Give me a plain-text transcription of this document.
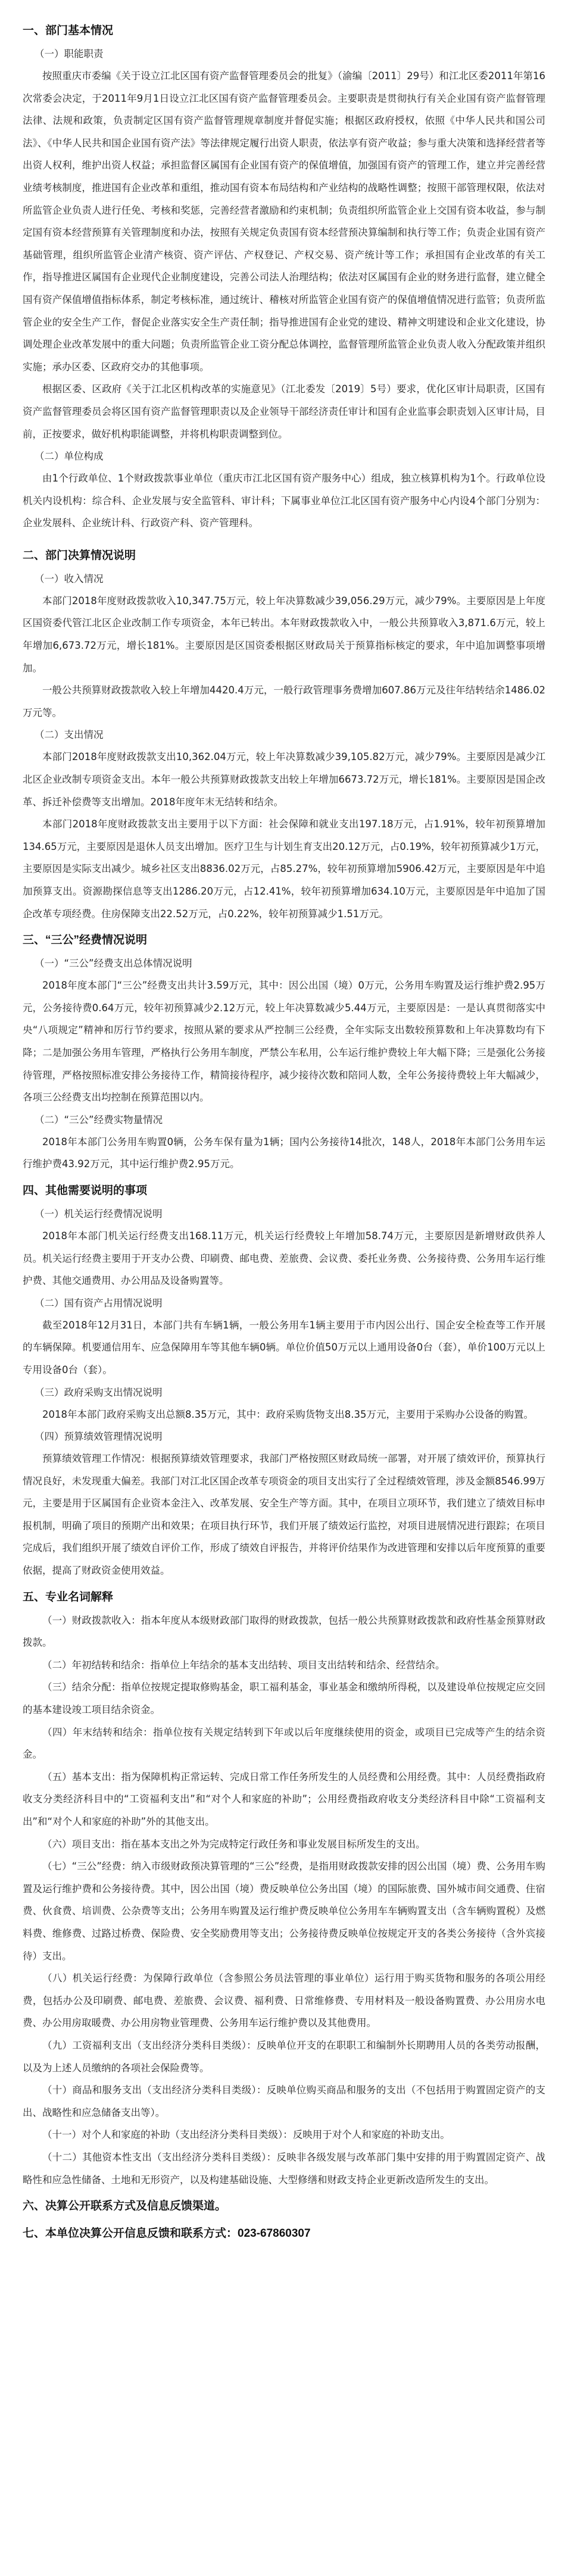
一、部门基本情况

（一）职能职责

按照重庆市委编《关于设立江北区国有资产监督管理委员会的批复》（渝编〔2011〕29号）和江北区委2011年第16次常委会决定，于2011年9月1日设立江北区国有资产监督管理委员会。主要职责是贯彻执行有关企业国有资产监督管理法律、法规和政策，负责制定区国有资产监督管理规章制度并督促实施；根据区政府授权，依照《中华人民共和国公司法》、《中华人民共和国企业国有资产法》等法律规定履行出资人职责，依法享有资产收益；参与重大决策和选择经营者等出资人权利，维护出资人权益；承担监督区属国有企业国有资产的保值增值，加强国有资产的管理工作，建立并完善经营业绩考核制度，推进国有企业改革和重组，推动国有资本布局结构和产业结构的战略性调整；按照干部管理权限，依法对所监管企业负责人进行任免、考核和奖惩，完善经营者激励和约束机制；负责组织所监管企业上交国有资本收益，参与制定国有资本经营预算有关管理制度和办法，按照有关规定负责国有资本经营预决算编制和执行等工作；负责企业国有资产基础管理，组织所监管企业清产核资、资产评估、产权登记、产权交易、资产统计等工作；承担国有企业改革的有关工作，指导推进区属国有企业现代企业制度建设，完善公司法人治理结构；依法对区属国有企业的财务进行监督，建立健全国有资产保值增值指标体系，制定考核标准，通过统计、稽核对所监管企业国有资产的保值增值情况进行监管；负责所监管企业的安全生产工作，督促企业落实安全生产责任制；指导推进国有企业党的建设、精神文明建设和企业文化建设，协调处理企业改革发展中的重大问题；负责所监管企业工资分配总体调控，监督管理所监管企业负责人收入分配政策并组织实施；承办区委、区政府交办的其他事项。

根据区委、区政府《关于江北区机构改革的实施意见》（江北委发〔2019〕5号）要求，优化区审计局职责，区国有资产监督管理委员会将区国有资产监督管理职责以及企业领导干部经济责任审计和国有企业监事会职责划入区审计局，目前，正按要求，做好机构职能调整，并将机构职责调整到位。

（二）单位构成

由1个行政单位、1个财政拨款事业单位（重庆市江北区国有资产服务中心）组成，独立核算机构为1个。行政单位设机关内设机构：综合科、企业发展与安全监管科、审计科；下属事业单位江北区国有资产服务中心内设4个部门分别为：企业发展科、企业统计科、行政资产科、资产管理科。

二、部门决算情况说明

（一）收入情况

本部门2018年度财政拨款收入10,347.75万元，较上年决算数减少39,056.29万元，减少79%。主要原因是上年度区国资委代管江北区企业改制工作专项资金，本年已转出。本年财政拨款收入中，一般公共预算收入3,871.6万元，较上年增加6,673.72万元，增长181%。主要原因是区国资委根据区财政局关于预算指标核定的要求，年中追加调整事项增加。

一般公共预算财政拨款收入较上年增加4420.4万元，一般行政管理事务费增加607.86万元及往年结转结余1486.02万元等。

（二）支出情况

本部门2018年度财政拨款支出10,362.04万元，较上年决算数减少39,105.82万元，减少79%。主要原因是减少江北区企业改制专项资金支出。本年一般公共预算财政拨款支出较上年增加6673.72万元，增长181%。主要原因是国企改革、拆迁补偿费等支出增加。2018年度年末无结转和结余。

本部门2018年度财政拨款支出主要用于以下方面：社会保障和就业支出197.18万元，占1.91%，较年初预算增加134.65万元，主要原因是退休人员支出增加。医疗卫生与计划生育支出20.12万元，占0.19%，较年初预算减少1万元，主要原因是实际支出减少。城乡社区支出8836.02万元，占85.27%，较年初预算增加5906.42万元，主要原因是年中追加预算支出。资源勘探信息等支出1286.20万元，占12.41%，较年初预算增加634.10万元，主要原因是年中追加了国企改革专项经费。住房保障支出22.52万元，占0.22%，较年初预算减少1.51万元。

三、“三公”经费情况说明

（一）“三公”经费支出总体情况说明

2018年度本部门“三公”经费支出共计3.59万元，其中：因公出国（境）0万元，公务用车购置及运行维护费2.95万元，公务接待费0.64万元，较年初预算减少2.12万元，较上年决算数减少5.44万元，主要原因是：一是认真贯彻落实中央“八项规定”精神和厉行节约要求，按照从紧的要求从严控制三公经费，全年实际支出数较预算数和上年决算数均有下降；二是加强公务用车管理，严格执行公务用车制度，严禁公车私用，公车运行维护费较上年大幅下降；三是强化公务接待管理，严格按照标准安排公务接待工作，精简接待程序，减少接待次数和陪同人数，全年公务接待费较上年大幅减少，各项三公经费支出均控制在预算范围以内。

（二）“三公”经费实物量情况

2018年本部门公务用车购置0辆，公务车保有量为1辆；国内公务接待14批次，148人，2018年本部门公务用车运行维护费43.92万元，其中运行维护费2.95万元。

四、其他需要说明的事项

（一）机关运行经费情况说明

2018年本部门机关运行经费支出168.11万元，机关运行经费较上年增加58.74万元，主要原因是新增财政供养人员。机关运行经费主要用于开支办公费、印刷费、邮电费、差旅费、会议费、委托业务费、公务接待费、公务用车运行维护费、其他交通费用、办公用品及设备购置等。

（二）国有资产占用情况说明

截至2018年12月31日，本部门共有车辆1辆，一般公务用车1辆主要用于市内因公出行、国企安全检查等工作开展的车辆保障。机要通信用车、应急保障用车等其他车辆0辆。单位价值50万元以上通用设备0台（套），单价100万元以上专用设备0台（套）。

（三）政府采购支出情况说明

2018年本部门政府采购支出总额8.35万元，其中：政府采购货物支出8.35万元，主要用于采购办公设备的购置。

（四）预算绩效管理情况说明

预算绩效管理工作情况：根据预算绩效管理要求，我部门严格按照区财政局统一部署，对开展了绩效评价，预算执行情况良好，未发现重大偏差。我部门对江北区国企改革专项资金的项目支出实行了全过程绩效管理，涉及金额8546.99万元，主要是用于区属国有企业资本金注入、改革发展、安全生产等方面。其中，在项目立项环节，我们建立了绩效目标申报机制，明确了项目的预期产出和效果；在项目执行环节，我们开展了绩效运行监控，对项目进展情况进行跟踪；在项目完成后，我们组织开展了绩效自评价工作，形成了绩效自评报告，并将评价结果作为改进管理和安排以后年度预算的重要依据，提高了财政资金使用效益。

五、专业名词解释

（一）财政拨款收入：指本年度从本级财政部门取得的财政拨款，包括一般公共预算财政拨款和政府性基金预算财政拨款。

（二）年初结转和结余：指单位上年结余的基本支出结转、项目支出结转和结余、经营结余。

（三）结余分配：指单位按规定提取修购基金，职工福利基金，事业基金和缴纳所得税，以及建设单位按规定应交回的基本建设竣工项目结余资金。

（四）年末结转和结余：指单位按有关规定结转到下年或以后年度继续使用的资金，或项目已完成等产生的结余资金。

（五）基本支出：指为保障机构正常运转、完成日常工作任务所发生的人员经费和公用经费。其中：人员经费指政府收支分类经济科目中的“工资福利支出”和“对个人和家庭的补助”；公用经费指政府收支分类经济科目中除“工资福利支出”和“对个人和家庭的补助”外的其他支出。

（六）项目支出：指在基本支出之外为完成特定行政任务和事业发展目标所发生的支出。

（七）“三公”经费：纳入市级财政预决算管理的“三公”经费，是指用财政拨款安排的因公出国（境）费、公务用车购置及运行维护费和公务接待费。其中，因公出国（境）费反映单位公务出国（境）的国际旅费、国外城市间交通费、住宿费、伙食费、培训费、公杂费等支出；公务用车购置及运行维护费反映单位公务用车车辆购置支出（含车辆购置税）及燃料费、维修费、过路过桥费、保险费、安全奖励费用等支出；公务接待费反映单位按规定开支的各类公务接待（含外宾接待）支出。

（八）机关运行经费：为保障行政单位（含参照公务员法管理的事业单位）运行用于购买货物和服务的各项公用经费，包括办公及印刷费、邮电费、差旅费、会议费、福利费、日常维修费、专用材料及一般设备购置费、办公用房水电费、办公用房取暖费、办公用房物业管理费、公务用车运行维护费以及其他费用。

（九）工资福利支出（支出经济分类科目类级）：反映单位开支的在职职工和编制外长期聘用人员的各类劳动报酬，以及为上述人员缴纳的各项社会保险费等。

（十）商品和服务支出（支出经济分类科目类级）：反映单位购买商品和服务的支出（不包括用于购置固定资产的支出、战略性和应急储备支出等）。

（十一）对个人和家庭的补助（支出经济分类科目类级）：反映用于对个人和家庭的补助支出。

（十二）其他资本性支出（支出经济分类科目类级）：反映非各级发展与改革部门集中安排的用于购置固定资产、战略性和应急性储备、土地和无形资产，以及构建基础设施、大型修缮和财政支持企业更新改造所发生的支出。

六、决算公开联系方式及信息反馈渠道。

七、本单位决算公开信息反馈和联系方式：023-67860307
